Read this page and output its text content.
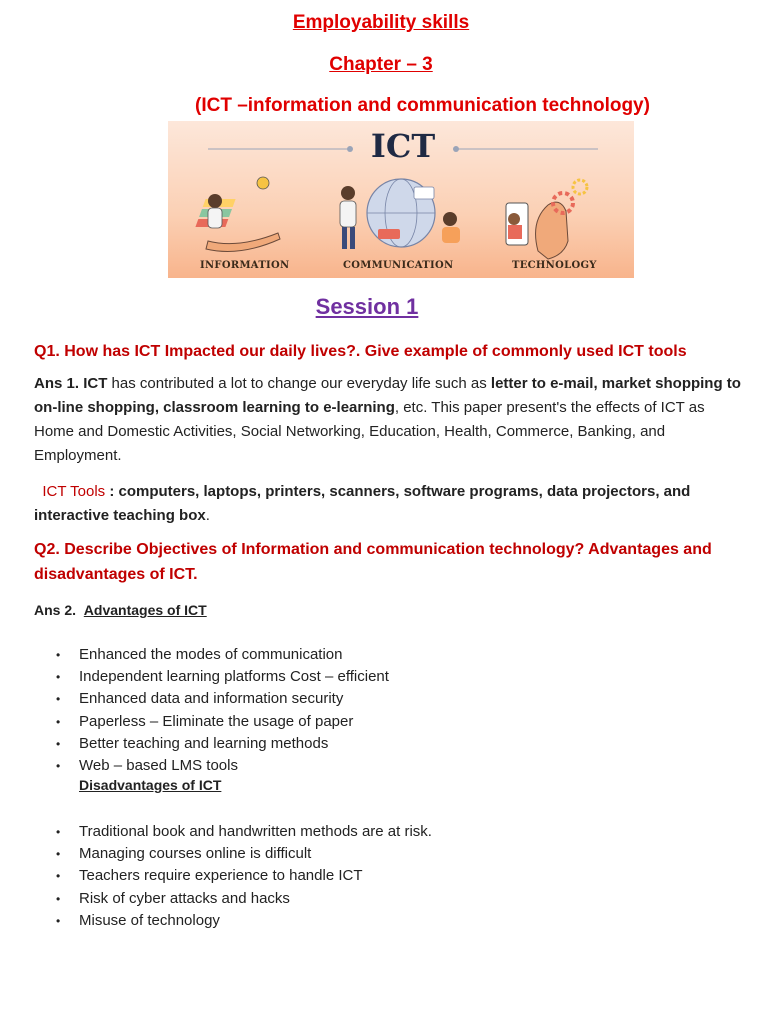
Employability skills
Chapter – 3
(ICT –information and communication technology)
ICT
INFORMATION	COMMUNICATION	TECHNOLOGY
Session 1

Q1. How has ICT Impacted our daily lives?. Give example of commonly used ICT tools

Ans 1. ICT has contributed a lot to change our everyday life such as letter to e-mail, market shopping to on-line shopping, classroom learning to e-learning, etc. This paper present's the effects of ICT as Home and Domestic Activities, Social Networking, Education, Health, Commerce, Banking, and Employment.

ICT Tools : computers, laptops, printers, scanners, software programs, data projectors, and interactive teaching box.

Q2. Describe Objectives of Information and communication technology? Advantages and disadvantages of ICT.

Ans 2. Advantages of ICT

• Enhanced the modes of communication
• Independent learning platforms Cost – efficient
• Enhanced data and information security
• Paperless – Eliminate the usage of paper
• Better teaching and learning methods
• Web – based LMS tools

Disadvantages of ICT

• Traditional book and handwritten methods are at risk.
• Managing courses online is difficult
• Teachers require experience to handle ICT
• Risk of cyber attacks and hacks
• Misuse of technology
